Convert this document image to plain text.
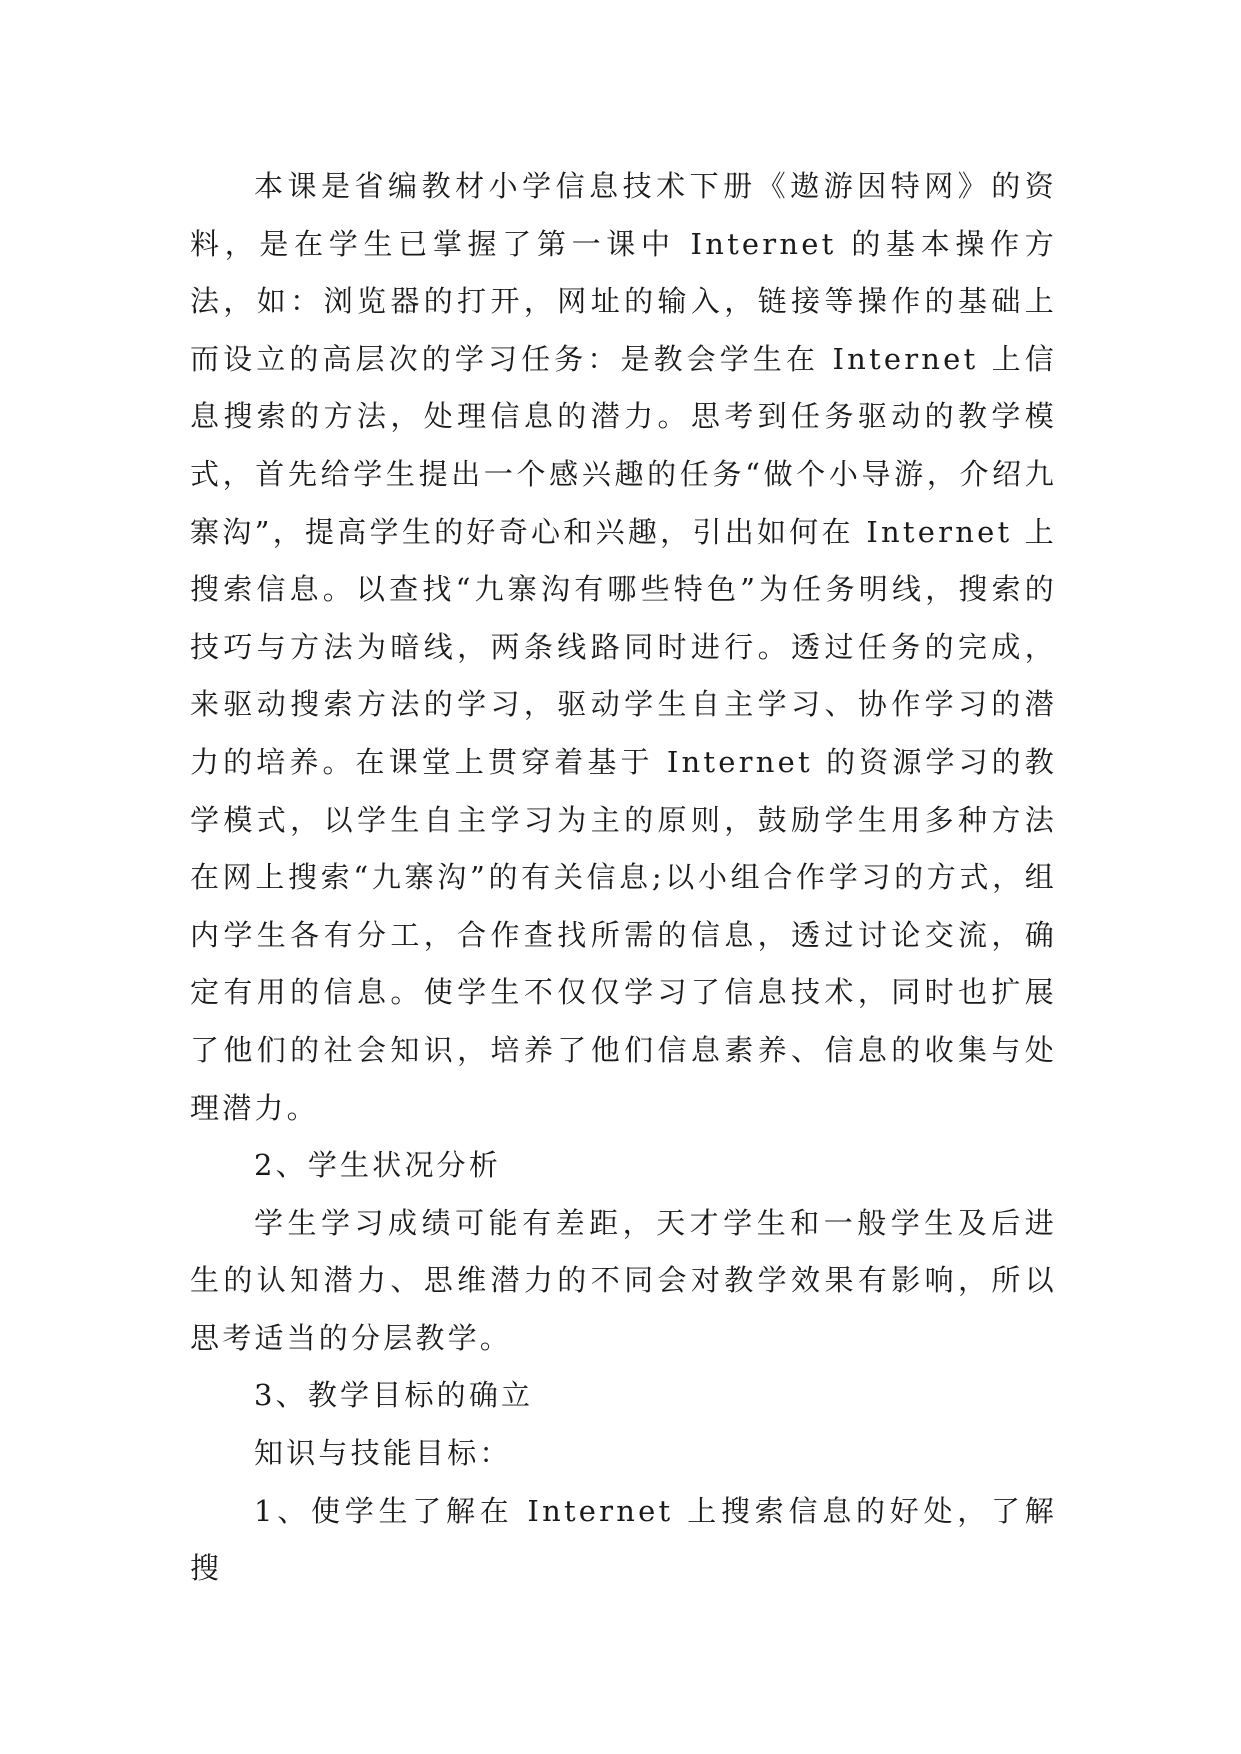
本课是省编教材小学信息技术下册《遨游因特网》的资料，是在学生已掌握了第一课中 Internet 的基本操作方法，如：浏览器的打开，网址的输入，链接等操作的基础上而设立的高层次的学习任务：是教会学生在 Internet 上信息搜索的方法，处理信息的潜力。思考到任务驱动的教学模式，首先给学生提出一个感兴趣的任务“做个小导游，介绍九寨沟”，提高学生的好奇心和兴趣，引出如何在 Internet 上搜索信息。以查找“九寨沟有哪些特色”为任务明线，搜索的技巧与方法为暗线，两条线路同时进行。透过任务的完成，来驱动搜索方法的学习，驱动学生自主学习、协作学习的潜力的培养。在课堂上贯穿着基于 Internet 的资源学习的教学模式，以学生自主学习为主的原则，鼓励学生用多种方法在网上搜索“九寨沟”的有关信息;以小组合作学习的方式，组内学生各有分工，合作查找所需的信息，透过讨论交流，确定有用的信息。使学生不仅仅学习了信息技术，同时也扩展了他们的社会知识，培养了他们信息素养、信息的收集与处理潜力。

2、学生状况分析

学生学习成绩可能有差距，天才学生和一般学生及后进生的认知潜力、思维潜力的不同会对教学效果有影响，所以思考适当的分层教学。

3、教学目标的确立

知识与技能目标：

1、使学生了解在 Internet 上搜索信息的好处，了解搜
